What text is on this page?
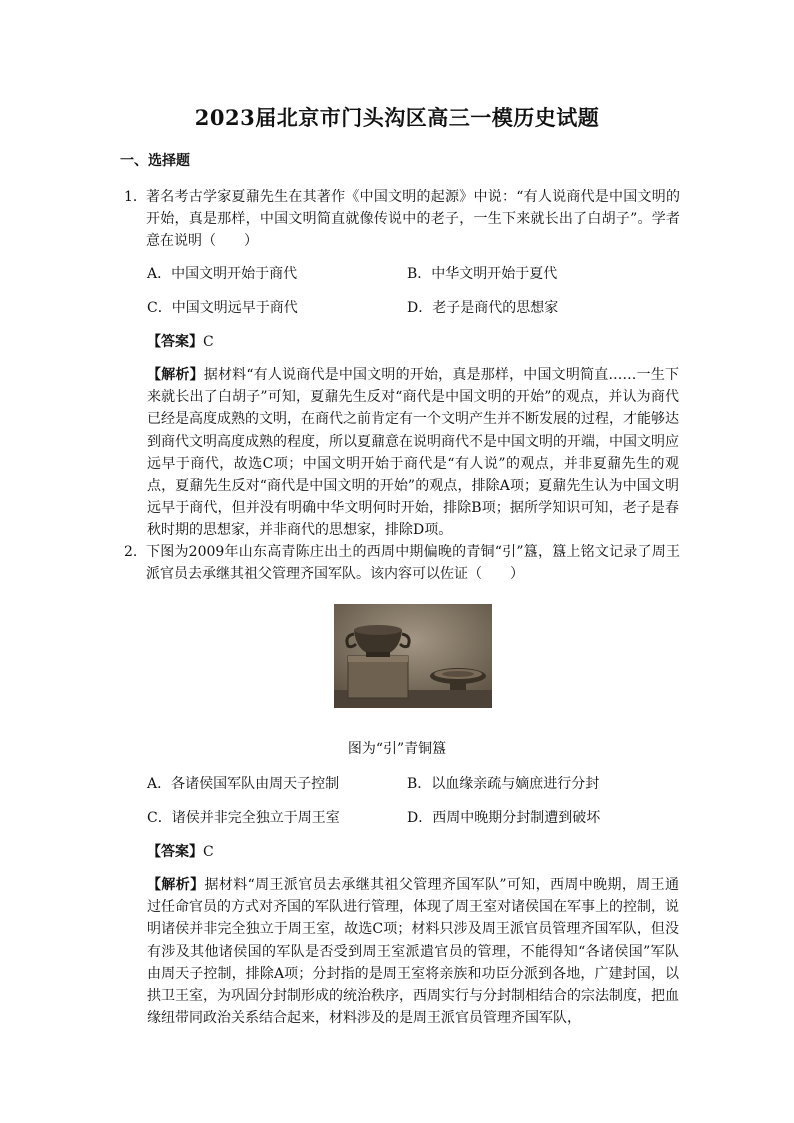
2023届北京市门头沟区高三一模历史试题
一、选择题
1． 著名考古学家夏鼐先生在其著作《中国文明的起源》中说：“有人说商代是中国文明的开始，真是那样，中国文明简直就像传说中的老子，一生下来就长出了白胡子”。学者意在说明（　　）
A．中国文明开始于商代	B．中华文明开始于夏代
C．中国文明远早于商代	D．老子是商代的思想家
【答案】C
【解析】据材料“有人说商代是中国文明的开始，真是那样，中国文明简直……一生下来就长出了白胡子”可知，夏鼐先生反对“商代是中国文明的开始”的观点，并认为商代已经是高度成熟的文明，在商代之前肯定有一个文明产生并不断发展的过程，才能够达到商代文明高度成熟的程度，所以夏鼐意在说明商代不是中国文明的开端，中国文明应远早于商代，故选C项；中国文明开始于商代是“有人说”的观点，并非夏鼐先生的观点，夏鼐先生反对“商代是中国文明的开始”的观点，排除A项；夏鼐先生认为中国文明远早于商代，但并没有明确中华文明何时开始，排除B项；据所学知识可知，老子是春秋时期的思想家，并非商代的思想家，排除D项。
2． 下图为2009年山东高青陈庄出土的西周中期偏晚的青铜“引”簋，簋上铭文记录了周王派官员去承继其祖父管理齐国军队。该内容可以佐证（　　）
图为“引”青铜簋
A．各诸侯国军队由周天子控制	B．以血缘亲疏与嫡庶进行分封
C．诸侯并非完全独立于周王室	D．西周中晚期分封制遭到破坏
【答案】C
【解析】据材料“周王派官员去承继其祖父管理齐国军队”可知，西周中晚期，周王通过任命官员的方式对齐国的军队进行管理，体现了周王室对诸侯国在军事上的控制，说明诸侯并非完全独立于周王室，故选C项；材料只涉及周王派官员管理齐国军队，但没有涉及其他诸侯国的军队是否受到周王室派遣官员的管理，不能得知“各诸侯国”军队由周天子控制，排除A项；分封指的是周王室将亲族和功臣分派到各地，广建封国，以拱卫王室，为巩固分封制形成的统治秩序，西周实行与分封制相结合的宗法制度，把血缘纽带同政治关系结合起来，材料涉及的是周王派官员管理齐国军队，
